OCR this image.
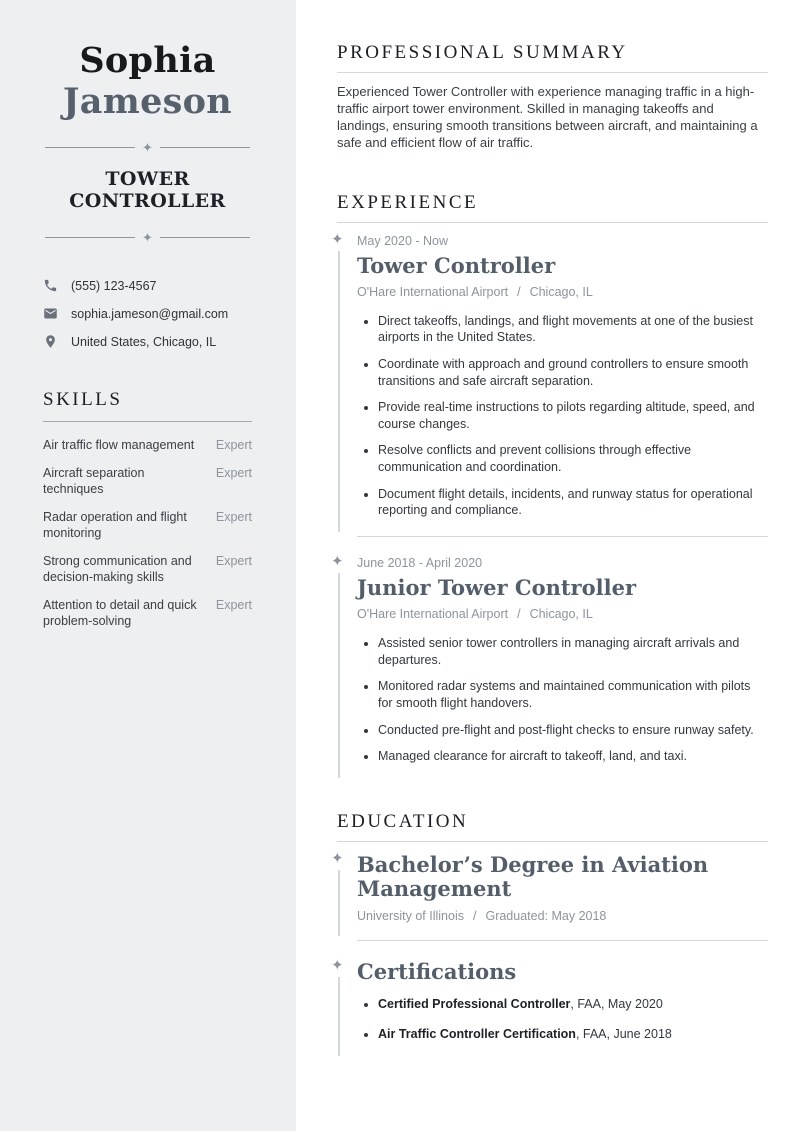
Sophia
Jameson
✦
TOWER CONTROLLER
✦
(555) 123-4567
sophia.jameson@gmail.com
United States, Chicago, IL
SKILLS
Air traffic flow management Expert
Aircraft separation techniques
Expert
Radar operation and flight monitoring
Expert
Strong communication and decision-making skills
Expert
Attention to detail and quick problem-solving
Expert
PROFESSIONAL SUMMARY

Experienced Tower Controller with experience managing traffic in a high-traffic airport tower environment. Skilled in managing takeoffs and landings, ensuring smooth transitions between aircraft, and maintaining a safe and efficient flow of air traffic.

EXPERIENCE
✦ May 2020 - Now
Tower Controller
O'Hare International Airport / Chicago, IL
• Direct takeoffs, landings, and flight movements at one of the busiest airports in the United States.
• Coordinate with approach and ground controllers to ensure smooth transitions and safe aircraft separation.
• Provide real-time instructions to pilots regarding altitude, speed, and course changes.
• Resolve conflicts and prevent collisions through effective communication and coordination.
• Document flight details, incidents, and runway status for operational reporting and compliance.
✦ June 2018 - April 2020
Junior Tower Controller
O'Hare International Airport / Chicago, IL
• Assisted senior tower controllers in managing aircraft arrivals and departures.
• Monitored radar systems and maintained communication with pilots for smooth flight handovers.
• Conducted pre-flight and post-flight checks to ensure runway safety.
• Managed clearance for aircraft to takeoff, land, and taxi.
EDUCATION
✦ Bachelor’s Degree in Aviation Management
University of Illinois / Graduated: May 2018
✦ Certifications
• Certified Professional Controller, FAA, May 2020
• Air Traffic Controller Certification, FAA, June 2018
